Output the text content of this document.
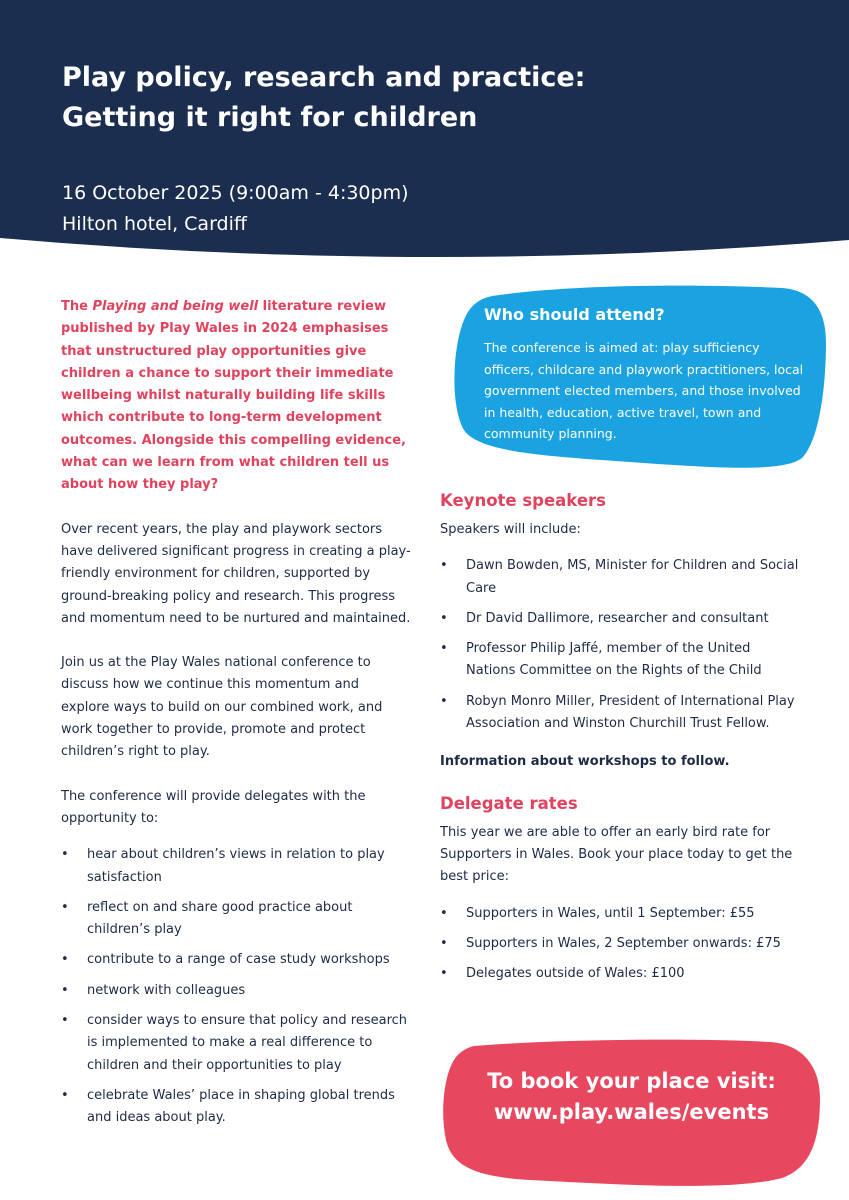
Play policy, research and practice:
Getting it right for children
16 October 2025 (9:00am - 4:30pm)
Hilton hotel, Cardiff

The Playing and being well literature review published by Play Wales in 2024 emphasises that unstructured play opportunities give children a chance to support their immediate wellbeing whilst naturally building life skills which contribute to long-term development outcomes. Alongside this compelling evidence, what can we learn from what children tell us about how they play?

Over recent years, the play and playwork sectors have delivered significant progress in creating a play-friendly environment for children, supported by ground-breaking policy and research. This progress and momentum need to be nurtured and maintained.

Join us at the Play Wales national conference to discuss how we continue this momentum and explore ways to build on our combined work, and work together to provide, promote and protect children’s right to play.

The conference will provide delegates with the opportunity to:

• hear about children’s views in relation to play satisfaction
• reflect on and share good practice about children’s play
• contribute to a range of case study workshops
• network with colleagues
• consider ways to ensure that policy and research is implemented to make a real difference to children and their opportunities to play
• celebrate Wales’ place in shaping global trends and ideas about play.
Who should attend?

The conference is aimed at: play sufficiency officers, childcare and playwork practitioners, local government elected members, and those involved in health, education, active travel, town and community planning.

Keynote speakers

Speakers will include:

• Dawn Bowden, MS, Minister for Children and Social Care
• Dr David Dallimore, researcher and consultant
• Professor Philip Jaffé, member of the United Nations Committee on the Rights of the Child
• Robyn Monro Miller, President of International Play Association and Winston Churchill Trust Fellow.

Information about workshops to follow.

Delegate rates

This year we are able to offer an early bird rate for Supporters in Wales. Book your place today to get the best price:

• Supporters in Wales, until 1 September: £55
• Supporters in Wales, 2 September onwards: £75
• Delegates outside of Wales: £100
To book your place visit:
www.play.wales/events
